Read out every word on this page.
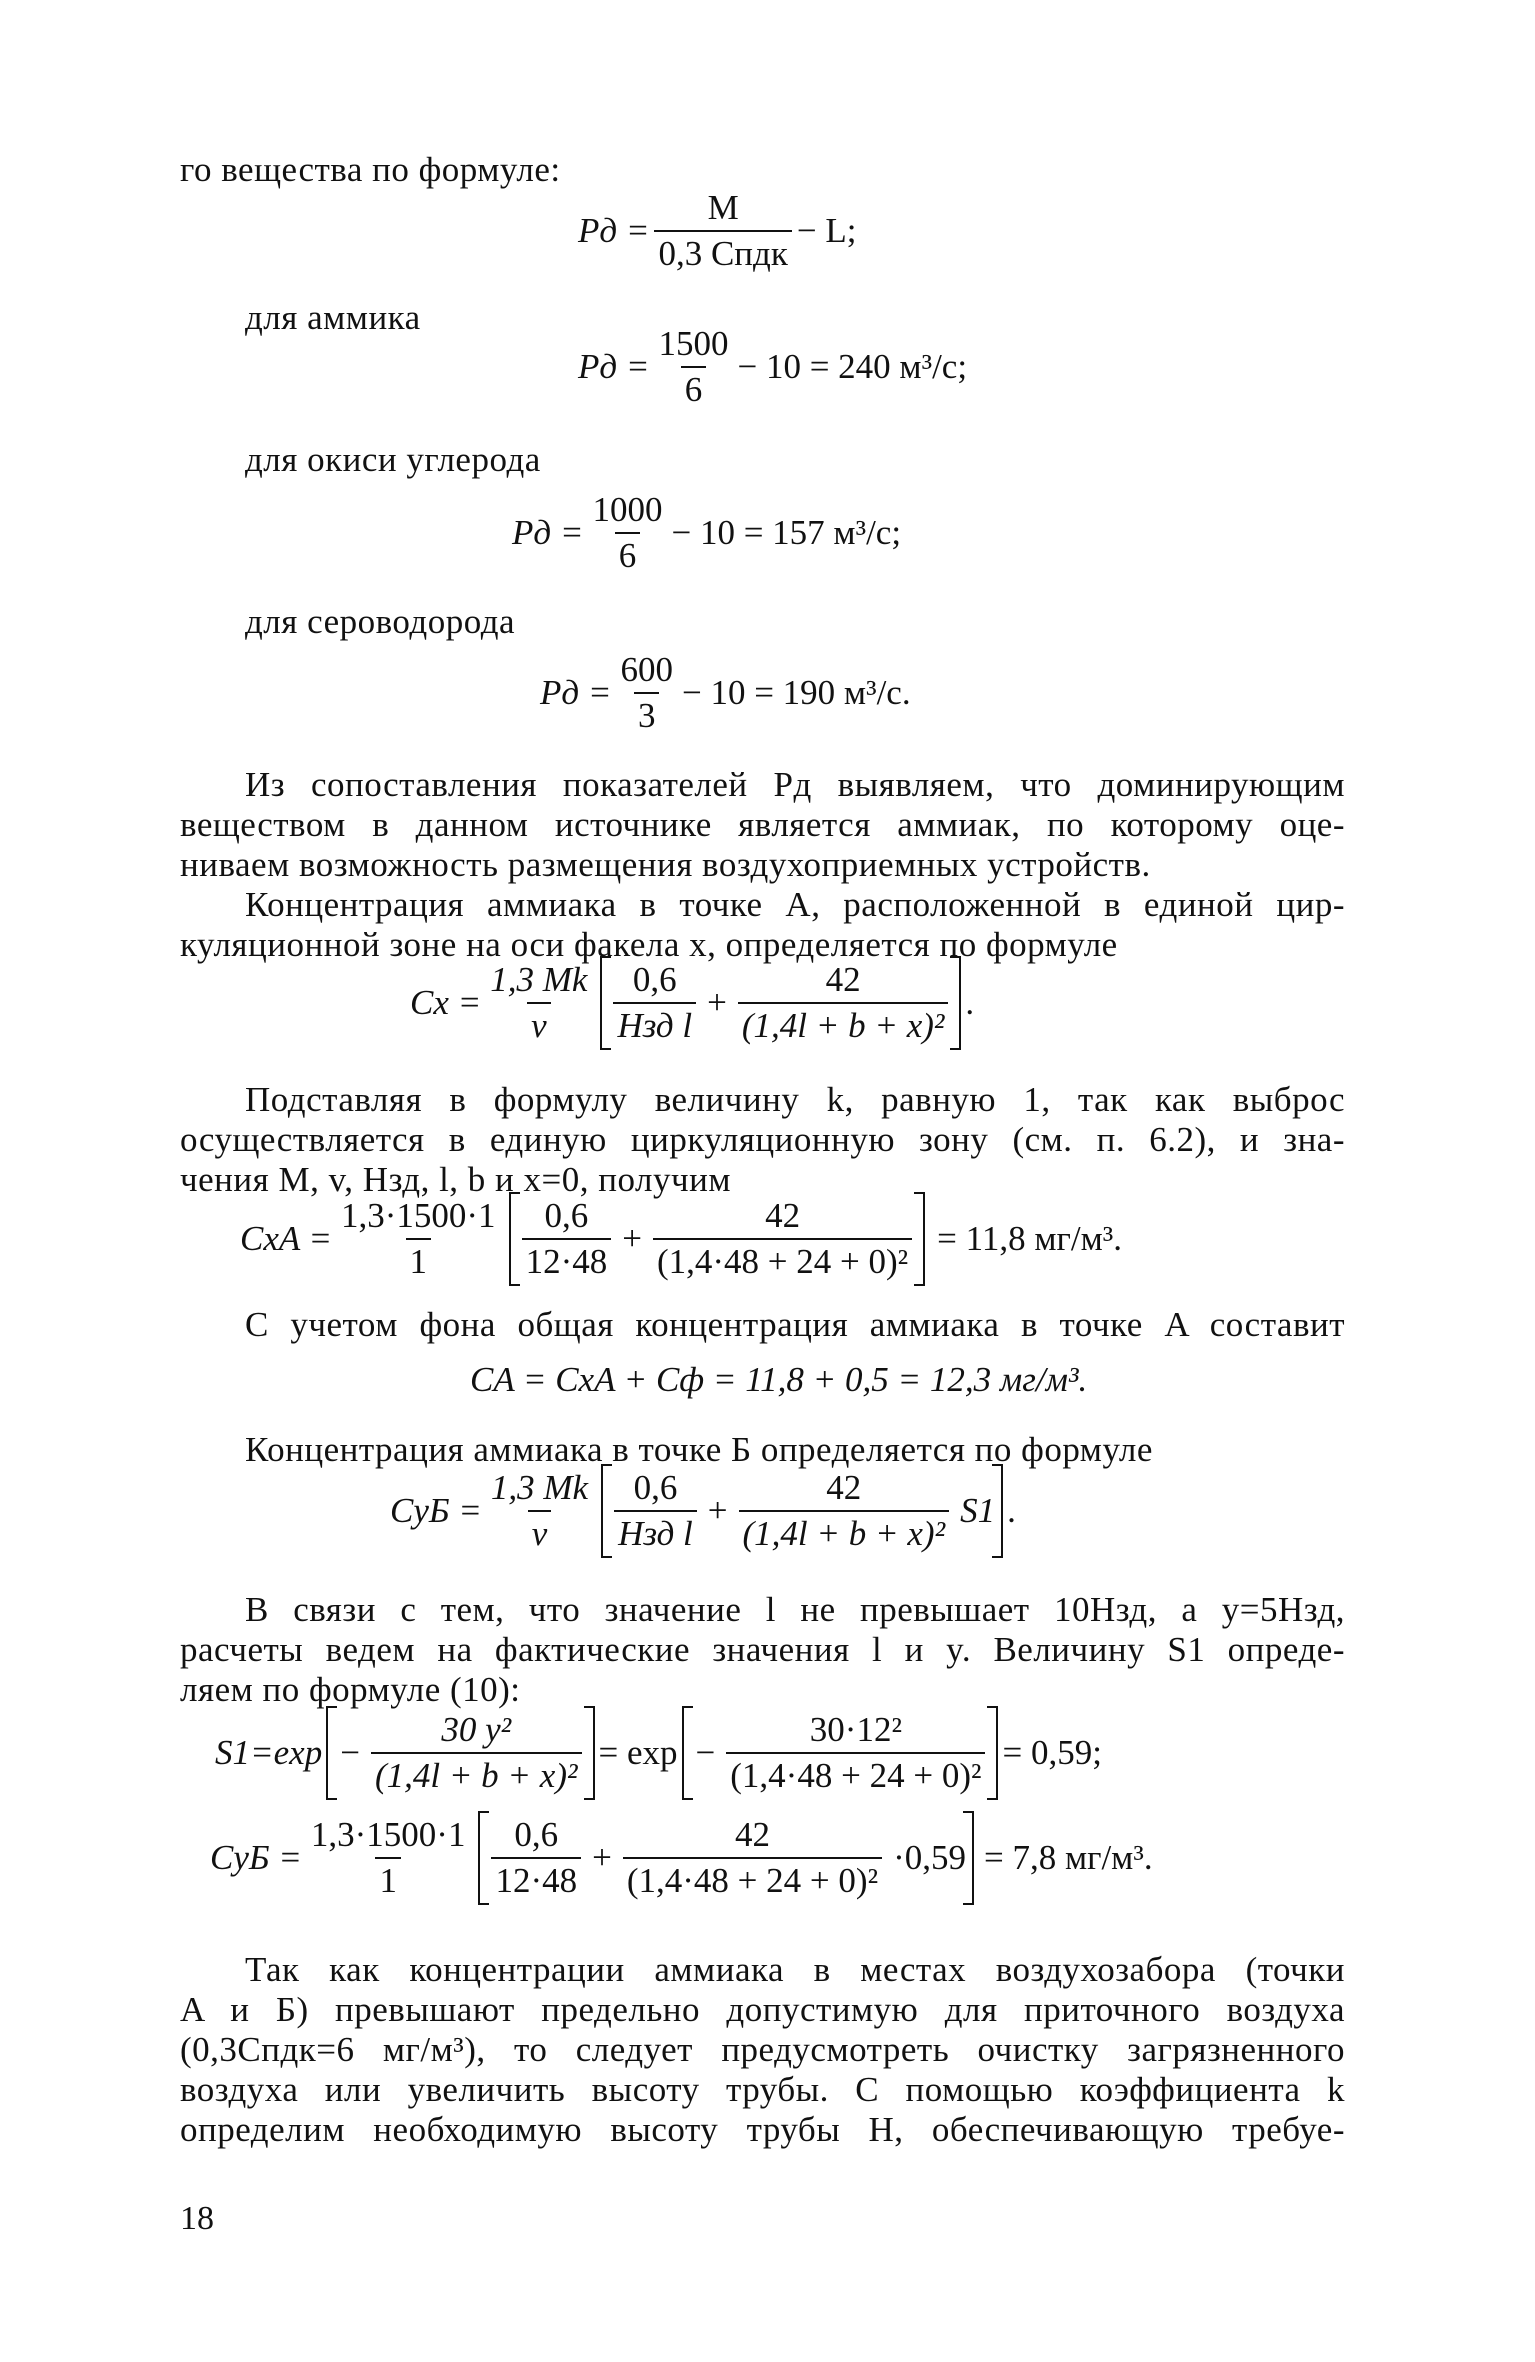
го вещества по формуле:
Pд = $\frac{M}{\text{0,3 Cпдк}} - L$;
для аммика
Pд = $\frac{1500}{6} - 10 = 240$ м³/с;
для окиси углерода
Pд = $\frac{1000}{6} - 10 = 157$ м³/с;
для сероводорода
Pд = $\frac{600}{3} - 10 = 190$ м³/с.
Из сопоставления показателей Pд выявляем, что доминирующим
веществом в данном источнике является аммиак, по которому оце-
ниваем возможность размещения воздухоприемных устройств.
Концентрация аммиака в точке A, расположенной в единой цир-
куляционной зоне на оси факела x, определяется по формуле
$Cx = \frac{1,3 Mk}{v} \frac{0,6}{\text{Hзд l}} + \frac{42}{\text{(1,4l + b + x)²}}$ .
Подставляя в формулу величину k, равную 1, так как выброс
осуществляется в единую циркуляционную зону (см. п. 6.2), и зна-
чения M, v, Hзд, l, b и x=0, получим
CxA = $\frac{1,3\cdot 1500\cdot 1}{1} \frac{0,6}{12\cdot 48} + \frac{42}{\text{(1,4·48 + 24 + 0)²}} = 11,8$ мг/м³.
С учетом фона общая концентрация аммиака в точке A составит
CA = CxA + Cф = 11,8 + 0,5 = 12,3 мг/м³.
Концентрация аммиака в точке Б определяется по формуле
CyБ = $\frac{1,3 Mk}{v} \frac{0,6}{\text{Hзд l}} + \frac{42}{\text{(1,4l + b + x)²}} S1$ .
В связи с тем, что значение l не превышает 10Hзд, а y=5Hзд,
расчеты ведем на фактические значения l и y. Величину S1 опреде-
ляем по формуле (10):
$S1=\exp - \frac{\text{30 y²}}{\text{(1,4l + b + x)²}} = \exp - \frac{\text{30·12²}}{\text{(1,4·48 + 24 + 0)²}} = 0,59$;
CyБ = $\frac{1,3\cdot 1500\cdot 1}{1} \frac{0,6}{12\cdot 48} + \frac{42}{\text{(1,4·48 + 24 + 0)²}} \cdot 0,59 = 7,8$ мг/м³.
Так как концентрации аммиака в местах воздухозабора (точки
A и Б) превышают предельно допустимую для приточного воздуха
(0,3Cпдк=6 мг/м³), то следует предусмотреть очистку загрязненного
воздуха или увеличить высоту трубы. С помощью коэффициента k
определим необходимую высоту трубы H, обеспечивающую требуе-
18
